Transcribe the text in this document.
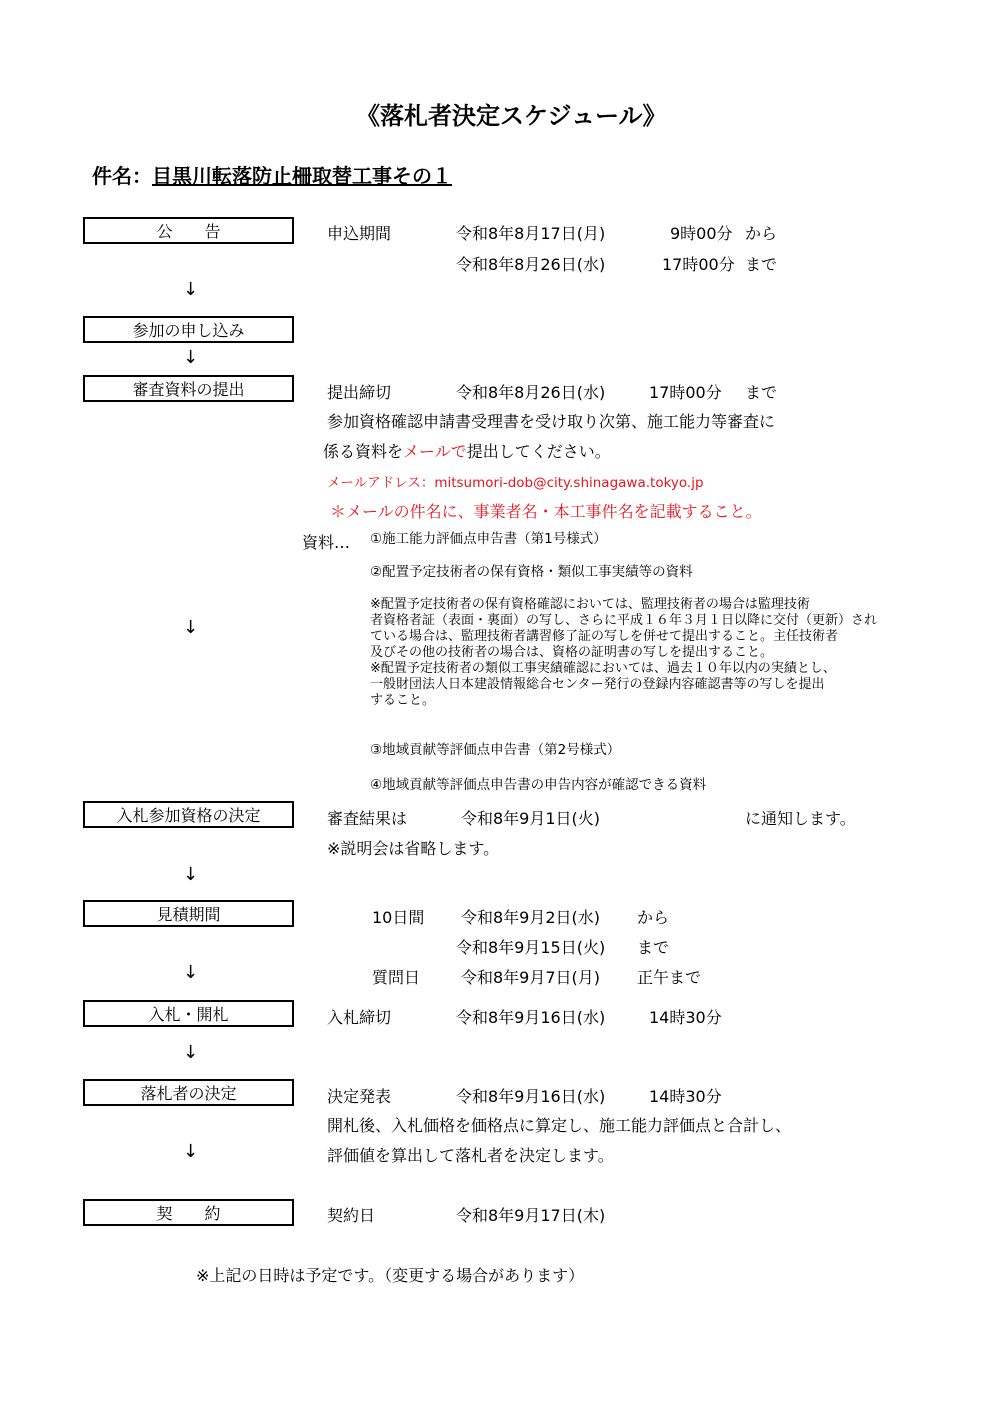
《落札者決定スケジュール》
件名：目黒川転落防止柵取替工事その１
公　　告	申込期間	令和8年8月17日(月)	9時00分 から
令和8年8月26日(水)	17時00分 まで
↓
参加の申し込み
↓
審査資料の提出	提出締切	令和8年8月26日(水)	17時00分 まで
参加資格確認申請書受理書を受け取り次第、施工能力等審査に
係る資料をメールで提出してください。
メールアドレス：mitsumori-dob@city.shinagawa.tokyo.jp
＊メールの件名に、事業者名・本工事件名を記載すること。
資料… ①施工能力評価点申告書（第1号様式）
②配置予定技術者の保有資格・類似工事実績等の資料
※配置予定技術者の保有資格確認においては、監理技術者の場合は監理技術
者資格者証（表面・裏面）の写し、さらに平成１６年３月１日以降に交付（更新）され
ている場合は、監理技術者講習修了証の写しを併せて提出すること。主任技術者
及びその他の技術者の場合は、資格の証明書の写しを提出すること。
※配置予定技術者の類似工事実績確認においては、過去１０年以内の実績とし、
一般財団法人日本建設情報総合センター発行の登録内容確認書等の写しを提出
すること。
↓
③地域貢献等評価点申告書（第2号様式）
④地域貢献等評価点申告書の申告内容が確認できる資料
入札参加資格の決定	審査結果は	令和8年9月1日(火)	に通知します。
※説明会は省略します。
↓
見積期間	10日間 令和8年9月2日(水) から
令和8年9月15日(火) まで
↓	質問日	令和8年9月7日(月) 正午まで
入札・開札	入札締切	令和8年9月16日(水)	14時30分
↓
落札者の決定	決定発表	令和8年9月16日(水)	14時30分
開札後、入札価格を価格点に算定し、施工能力評価点と合計し、
↓	評価値を算出して落札者を決定します。
契　　約	契約日	令和8年9月17日(木)
※上記の日時は予定です。（変更する場合があります）
